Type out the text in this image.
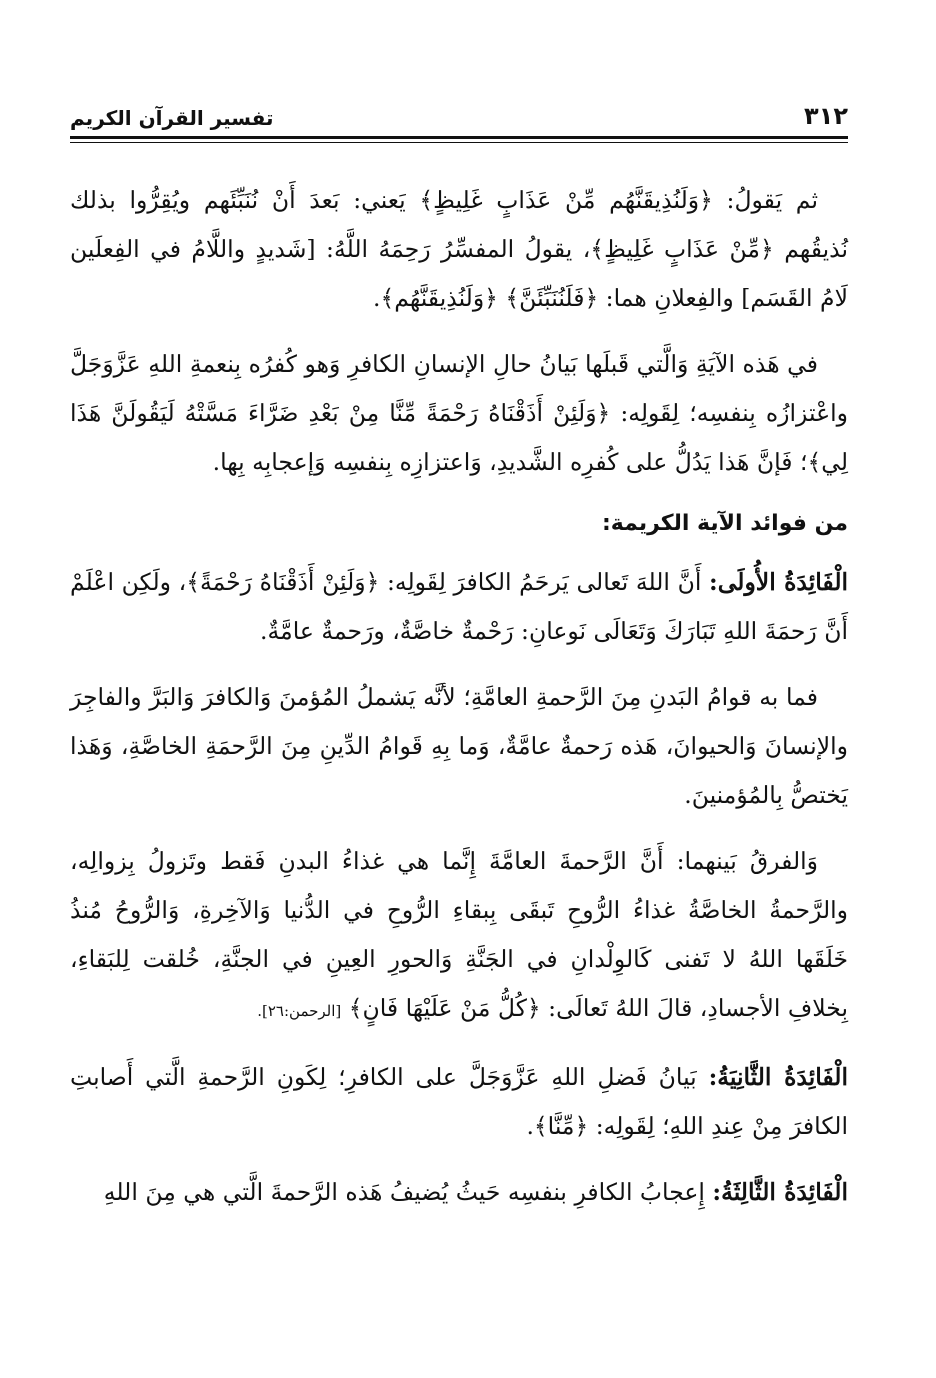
٣١٢
تفسير القرآن الكريم

ثم يَقولُ: ﴿وَلَنُذِيقَنَّهُم مِّنْ عَذَابٍ غَلِيظٍ﴾ يَعني: بَعدَ أَنْ نُنَبِّئَهم ويُقِرُّوا بذلك نُذيقُهم ﴿مِّنْ عَذَابٍ غَلِيظٍ﴾، يقولُ المفسِّرُ رَحِمَهُ اللَّهُ: [شَديدٍ واللَّامُ في الفِعلَين لَامُ القَسَم] والفِعلانِ هما: ﴿فَلَنُنَبِّئَنَّ﴾ ﴿وَلَنُذِيقَنَّهُم﴾.

في هَذه الآيَةِ وَالَّتي قَبلَها بَيانُ حالِ الإنسانِ الكافرِ وَهو كُفرُه بِنعمةِ اللهِ عَزَّوَجَلَّ واعْتزازُه بِنفسِه؛ لِقَولِه: ﴿وَلَئِنْ أَذَقْنَاهُ رَحْمَةً مِّنَّا مِنْ بَعْدِ ضَرَّاءَ مَسَّتْهُ لَيَقُولَنَّ هَذَا لِي﴾؛ فَإنَّ هَذا يَدُلُّ على كُفرِه الشَّديدِ، وَاعتزازِه بِنفسِه وَإعجابِه بِها.

من فوائد الآية الكريمة:

الْفَائِدَةُ الأُولَى: أَنَّ اللهَ تَعالى يَرحَمُ الكافرَ لِقَولِه: ﴿وَلَئِنْ أَذَقْنَاهُ رَحْمَةً﴾، ولَكِن اعْلَمْ أَنَّ رَحمَةَ اللهِ تَبَارَكَ وَتَعَالَى نَوعانِ: رَحْمةٌ خاصَّةٌ، ورَحمةٌ عامَّةٌ.

فما به قوامُ البَدنِ مِنَ الرَّحمةِ العامَّةِ؛ لأنَّه يَشملُ المُؤمنَ وَالكافرَ وَالبَرَّ والفاجِرَ والإنسانَ وَالحيوانَ، هَذه رَحمةٌ عامَّةٌ، وَما بِهِ قَوامُ الدِّينِ مِنَ الرَّحمَةِ الخاصَّةِ، وَهَذا يَختصُّ بِالمُؤمنينَ.

وَالفرقُ بَينهما: أَنَّ الرَّحمةَ العامَّةَ إِنَّما هي غذاءُ البدنِ فَقط وتَزولُ بِزوالِه، والرَّحمةُ الخاصَّةُ غذاءُ الرُّوحِ تَبقَى بِبقاءِ الرُّوحِ في الدُّنيا وَالآخِرةِ، وَالرُّوحُ مُنذُ خَلَقَها اللهُ لا تَفنى كَالوِلْدانِ في الجَنَّةِ وَالحورِ العِينِ في الجنَّةِ، خُلقت لِلبَقاءِ، بِخلافِ الأجسادِ، قالَ اللهُ تَعالَى: ﴿كُلُّ مَنْ عَلَيْهَا فَانٍ﴾ [الرحمن:٢٦].

الْفَائِدَةُ الثَّانِيَةُ: بَيانُ فَضلِ اللهِ عَزَّوَجَلَّ على الكافرِ؛ لِكَونِ الرَّحمةِ الَّتي أَصابتِ الكافرَ مِنْ عِندِ اللهِ؛ لِقَولِه: ﴿مِّنَّا﴾.

الْفَائِدَةُ الثَّالِثَةُ: إِعجابُ الكافرِ بنفسِه حَيثُ يُضيفُ هَذه الرَّحمةَ الَّتي هي مِنَ اللهِ
